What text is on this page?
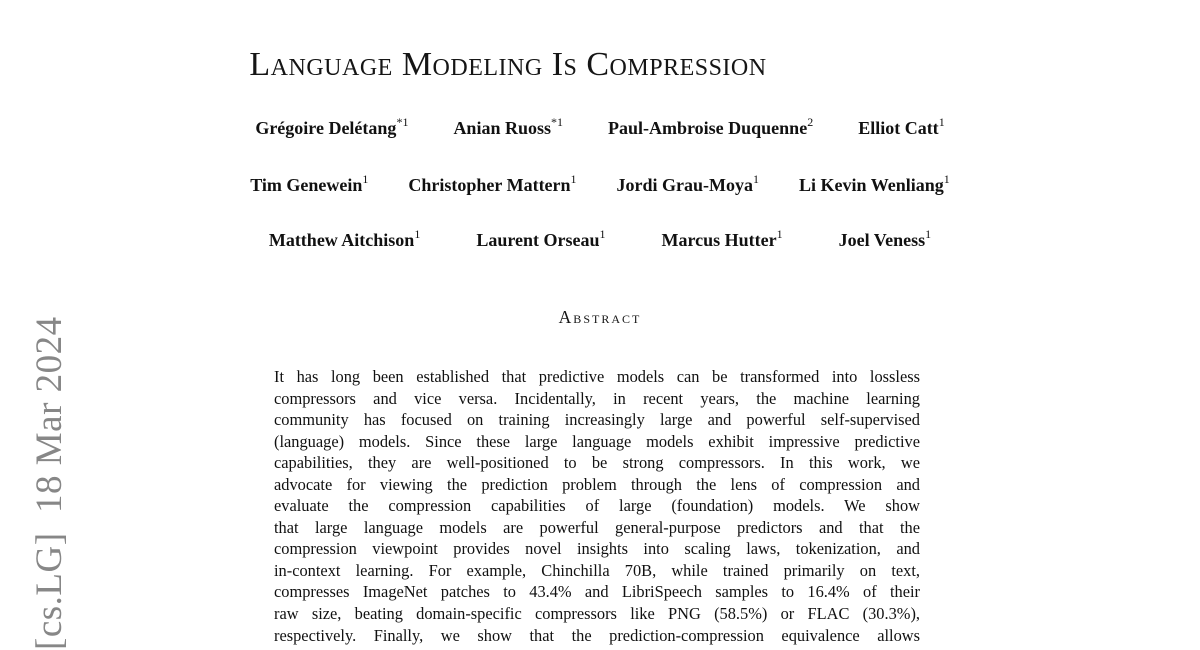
[cs.LG]  18 Mar 2024
Language Modeling Is Compression
Grégoire Delétang$^{*1}$	Anian Ruoss$^{*1}$	Paul-Ambroise Duquenne$^2$	Elliot Catt$^1$
Tim Genewein$^1$ Christopher Mattern$^1$ Jordi Grau-Moya$^1$ Li Kevin Wenliang$^1$
Matthew Aitchison$^1$	Laurent Orseau$^1$	Marcus Hutter$^1$	Joel Veness$^1$
Abstract
It has long been established that predictive models can be transformed into lossless
compressors and vice versa. Incidentally, in recent years, the machine learning
community has focused on training increasingly large and powerful self-supervised
(language) models. Since these large language models exhibit impressive predictive
capabilities, they are well-positioned to be strong compressors. In this work, we
advocate for viewing the prediction problem through the lens of compression and
evaluate the compression capabilities of large (foundation) models. We show
that large language models are powerful general-purpose predictors and that the
compression viewpoint provides novel insights into scaling laws, tokenization, and
in-context learning. For example, Chinchilla 70B, while trained primarily on text,
compresses ImageNet patches to 43.4% and LibriSpeech samples to 16.4% of their
raw size, beating domain-specific compressors like PNG (58.5%) or FLAC (30.3%),
respectively. Finally, we show that the prediction-compression equivalence allows
